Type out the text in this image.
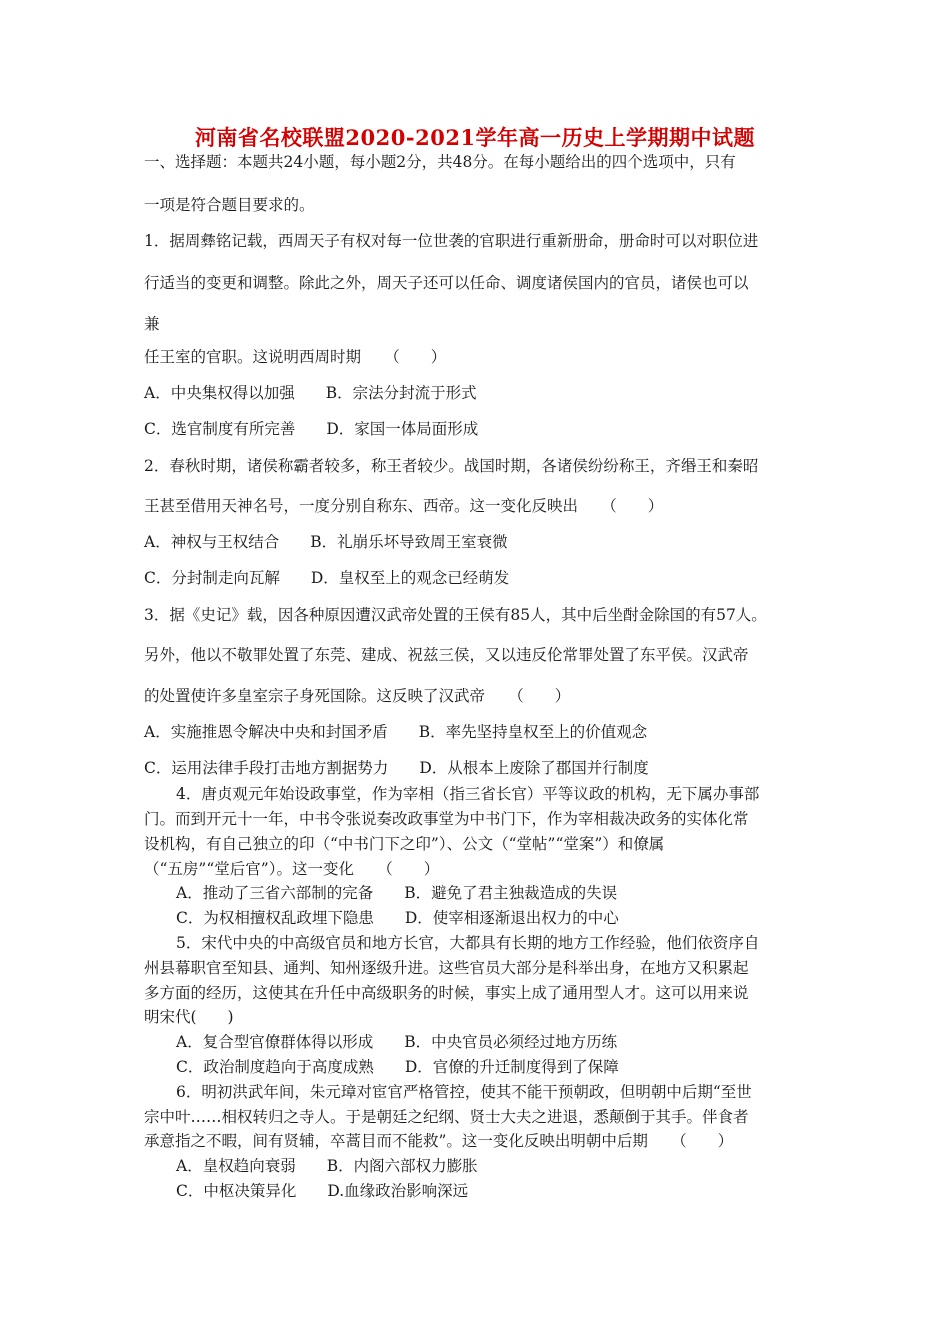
河南省名校联盟2020-2021学年高一历史上学期期中试题
一、选择题：本题共24小题，每小题2分，共48分。在每小题给出的四个选项中，只有
一项是符合题目要求的。
1．据周彝铭记载，西周天子有权对每一位世袭的官职进行重新册命，册命时可以对职位进
行适当的变更和调整。除此之外，周天子还可以任命、调度诸侯国内的官员，诸侯也可以
兼
任王室的官职。这说明西周时期　　（　　）
A．中央集权得以加强　　B．宗法分封流于形式
C．选官制度有所完善　　D．家国一体局面形成
2．春秋时期，诸侯称霸者较多，称王者较少。战国时期，各诸侯纷纷称王，齐缗王和秦昭
王甚至借用天神名号，一度分别自称东、西帝。这一变化反映出　　（　　）
A．神权与王权结合　　B．礼崩乐坏导致周王室衰微
C．分封制走向瓦解　　D．皇权至上的观念已经萌发
3．据《史记》载，因各种原因遭汉武帝处置的王侯有85人，其中后坐酎金除国的有57人。
另外，他以不敬罪处置了东莞、建成、祝兹三侯，又以违反伦常罪处置了东平侯。汉武帝
的处置使许多皇室宗子身死国除。这反映了汉武帝　　（　　）
A．实施推恩令解决中央和封国矛盾　　B．率先坚持皇权至上的价值观念
C．运用法律手段打击地方割据势力　　D．从根本上废除了郡国并行制度
4．唐贞观元年始设政事堂，作为宰相（指三省长官）平等议政的机构，无下属办事部
门。而到开元十一年，中书令张说奏改政事堂为中书门下，作为宰相裁决政务的实体化常
设机构，有自己独立的印（“中书门下之印”）、公文（“堂帖”“堂案”）和僚属
（“五房”“堂后官”）。这一变化　　（　　）
A．推动了三省六部制的完备　　B．避免了君主独裁造成的失误
C．为权相擅权乱政埋下隐患　　D．使宰相逐渐退出权力的中心
5．宋代中央的中高级官员和地方长官，大都具有长期的地方工作经验，他们依资序自
州县幕职官至知县、通判、知州逐级升进。这些官员大部分是科举出身，在地方又积累起
多方面的经历，这使其在升任中高级职务的时候，事实上成了通用型人才。这可以用来说
明宋代(　　)
A．复合型官僚群体得以形成　　B．中央官员必须经过地方历练
C．政治制度趋向于高度成熟　　D．官僚的升迁制度得到了保障
6．明初洪武年间，朱元璋对宦官严格管控，使其不能干预朝政，但明朝中后期“至世
宗中叶……相权转归之寺人。于是朝廷之纪纲、贤士大夫之进退，悉颠倒于其手。伴食者
承意指之不暇，间有贤辅，卒蒿目而不能救”。这一变化反映出明朝中后期　　（　　）
A．皇权趋向衰弱　　B．内阁六部权力膨胀
C．中枢决策异化　　D.血缘政治影响深远
